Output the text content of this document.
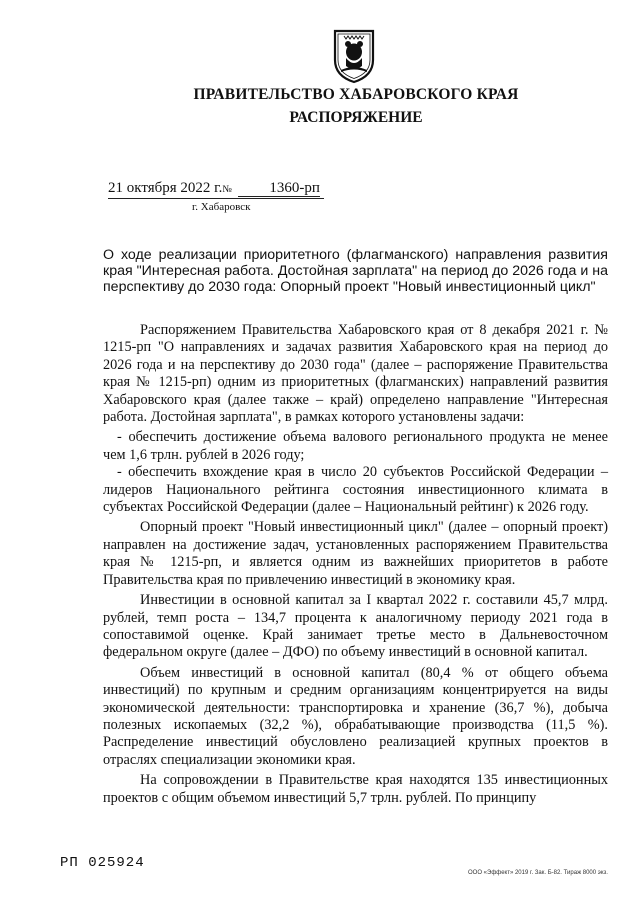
ПРАВИТЕЛЬСТВО ХАБАРОВСКОГО КРАЯ
РАСПОРЯЖЕНИЕ
21 октября 2022 г.№ 1360-рп
г. Хабаровск
О ходе реализации приоритетного (флагманского) направления развития края "Интересная работа. Достойная зарплата" на период до 2026 года и на перспективу до 2030 года: Опорный проект "Новый инвестиционный цикл"

Распоряжением Правительства Хабаровского края от 8 декабря 2021 г. № 1215-рп "О направлениях и задачах развития Хабаровского края на период до 2026 года и на перспективу до 2030 года" (далее – распоряжение Правительства края № 1215-рп) одним из приоритетных (флагманских) направлений развития Хабаровского края (далее также – край) определено направление "Интересная работа. Достойная зарплата", в рамках которого установлены задачи:

- обеспечить достижение объема валового регионального продукта не менее чем 1,6 трлн. рублей в 2026 году;

- обеспечить вхождение края в число 20 субъектов Российской Федерации – лидеров Национального рейтинга состояния инвестиционного климата в субъектах Российской Федерации (далее – Национальный рейтинг) к 2026 году.

Опорный проект "Новый инвестиционный цикл" (далее – опорный проект) направлен на достижение задач, установленных распоряжением Правительства края № 1215-рп, и является одним из важнейших приоритетов в работе Правительства края по привлечению инвестиций в экономику края.

Инвестиции в основной капитал за I квартал 2022 г. составили 45,7 млрд. рублей, темп роста – 134,7 процента к аналогичному периоду 2021 года в сопоставимой оценке. Край занимает третье место в Дальневосточном федеральном округе (далее – ДФО) по объему инвестиций в основной капитал.

Объем инвестиций в основной капитал (80,4 % от общего объема инвестиций) по крупным и средним организациям концентрируется на виды экономической деятельности: транспортировка и хранение (36,7 %), добыча полезных ископаемых (32,2 %), обрабатывающие производства (11,5 %). Распределение инвестиций обусловлено реализацией крупных проектов в отраслях специализации экономики края.

На сопровождении в Правительстве края находятся 135 инвестиционных проектов с общим объемом инвестиций 5,7 трлн. рублей. По принципу

РП 025924
ООО «Эффект» 2019 г. Зак. Б-82. Тираж 8000 экз.
